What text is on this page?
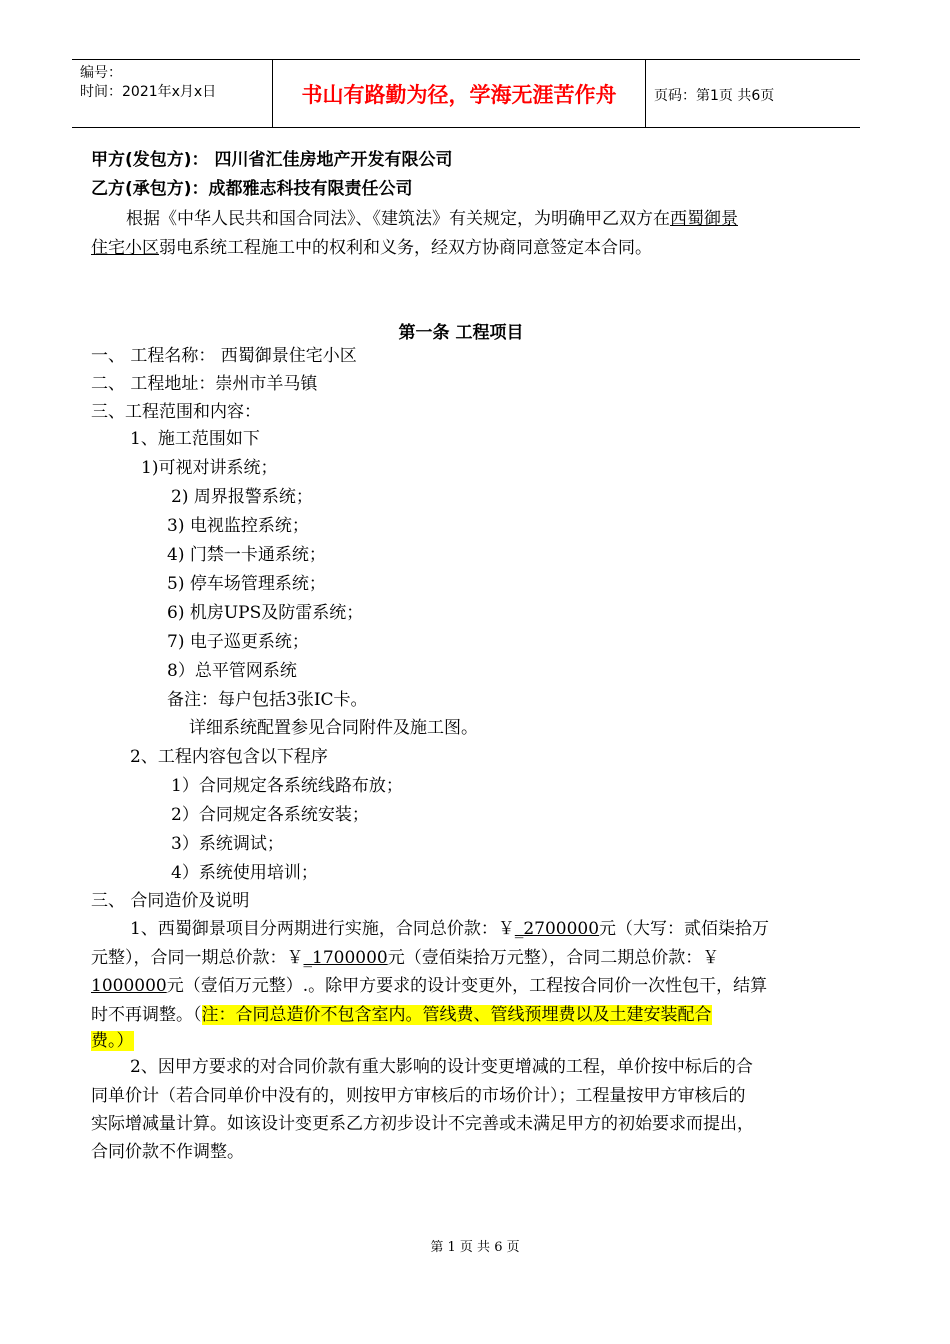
编号：
时间：2021年x月x日	书山有路勤为径，学海无涯苦作舟	页码：第1页 共6页
甲方(发包方)： 四川省汇佳房地产开发有限公司
乙方(承包方)：成都雅志科技有限责任公司
根据《中华人民共和国合同法》、《建筑法》有关规定，为明确甲乙双方在西蜀御景
住宅小区弱电系统工程施工中的权利和义务，经双方协商同意签定本合同。
第一条 工程项目
一、 工程名称： 西蜀御景住宅小区
二、 工程地址：崇州市羊马镇
三、工程范围和内容：
1、施工范围如下
1)可视对讲系统；
2) 周界报警系统；
3) 电视监控系统；
4) 门禁一卡通系统；
5) 停车场管理系统；
6) 机房UPS及防雷系统；
7) 电子巡更系统；
8）总平管网系统
备注：每户包括3张IC卡。
详细系统配置参见合同附件及施工图。
2、工程内容包含以下程序
1）合同规定各系统线路布放；
2）合同规定各系统安装；
3）系统调试；
4）系统使用培训；
三、 合同造价及说明
1、西蜀御景项目分两期进行实施，合同总价款：￥_2700000元（大写：贰佰柒拾万
元整），合同一期总价款：￥_1700000元（壹佰柒拾万元整），合同二期总价款：￥
1000000元（壹佰万元整）.。除甲方要求的设计变更外，工程按合同价一次性包干，结算
时不再调整。（注：合同总造价不包含室内。管线费、管线预埋费以及土建安装配合
费。）
2、因甲方要求的对合同价款有重大影响的设计变更增减的工程，单价按中标后的合
同单价计（若合同单价中没有的，则按甲方审核后的市场价计）；工程量按甲方审核后的
实际增减量计算。如该设计变更系乙方初步设计不完善或未满足甲方的初始要求而提出，
合同价款不作调整。
第 1 页 共 6 页
